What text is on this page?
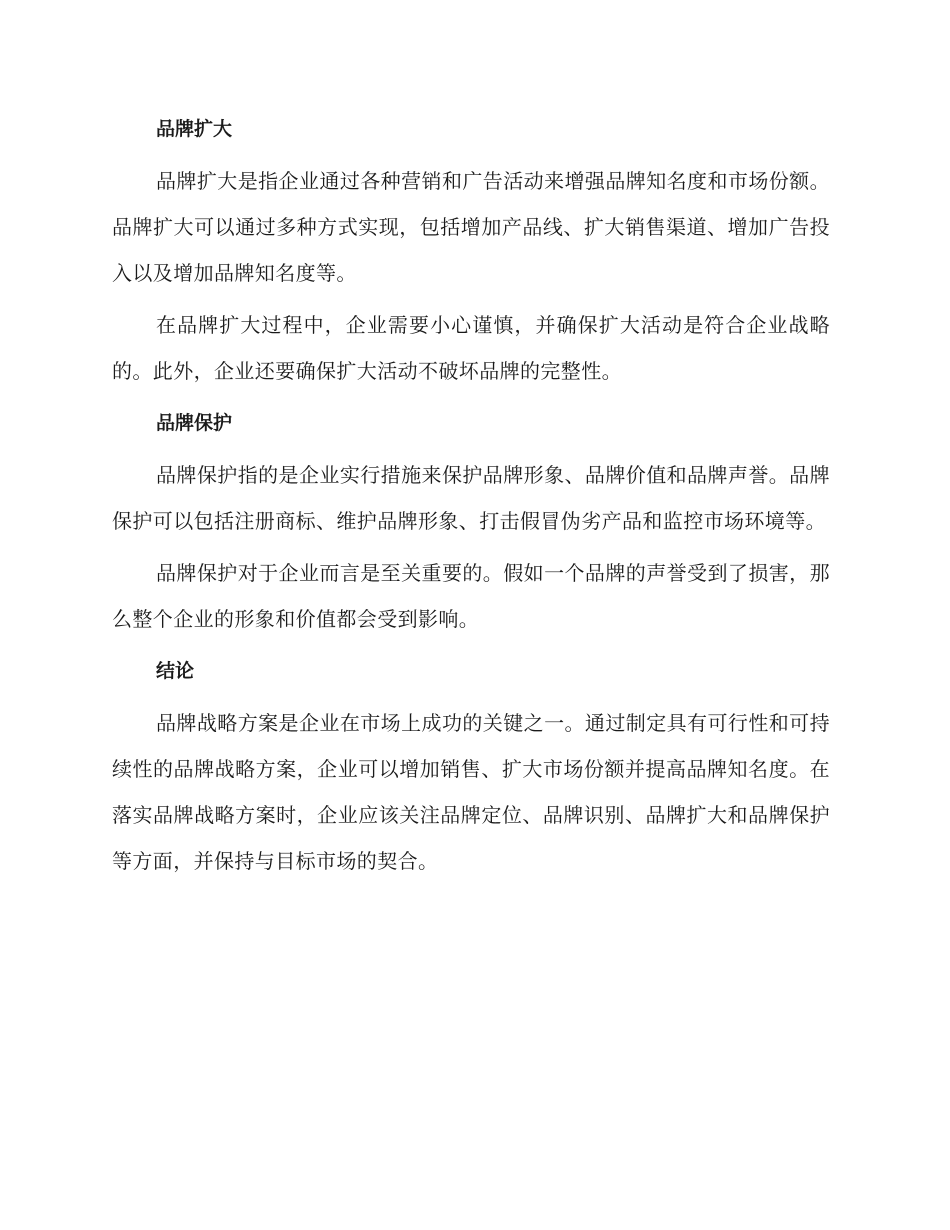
品牌扩大

品牌扩大是指企业通过各种营销和广告活动来增强品牌知名度和市场份额。品牌扩大可以通过多种方式实现，包括增加产品线、扩大销售渠道、增加广告投入以及增加品牌知名度等。

在品牌扩大过程中，企业需要小心谨慎，并确保扩大活动是符合企业战略的。此外，企业还要确保扩大活动不破坏品牌的完整性。

品牌保护

品牌保护指的是企业实行措施来保护品牌形象、品牌价值和品牌声誉。品牌保护可以包括注册商标、维护品牌形象、打击假冒伪劣产品和监控市场环境等。

品牌保护对于企业而言是至关重要的。假如一个品牌的声誉受到了损害，那么整个企业的形象和价值都会受到影响。

结论

品牌战略方案是企业在市场上成功的关键之一。通过制定具有可行性和可持续性的品牌战略方案，企业可以增加销售、扩大市场份额并提高品牌知名度。在落实品牌战略方案时，企业应该关注品牌定位、品牌识别、品牌扩大和品牌保护等方面，并保持与目标市场的契合。
